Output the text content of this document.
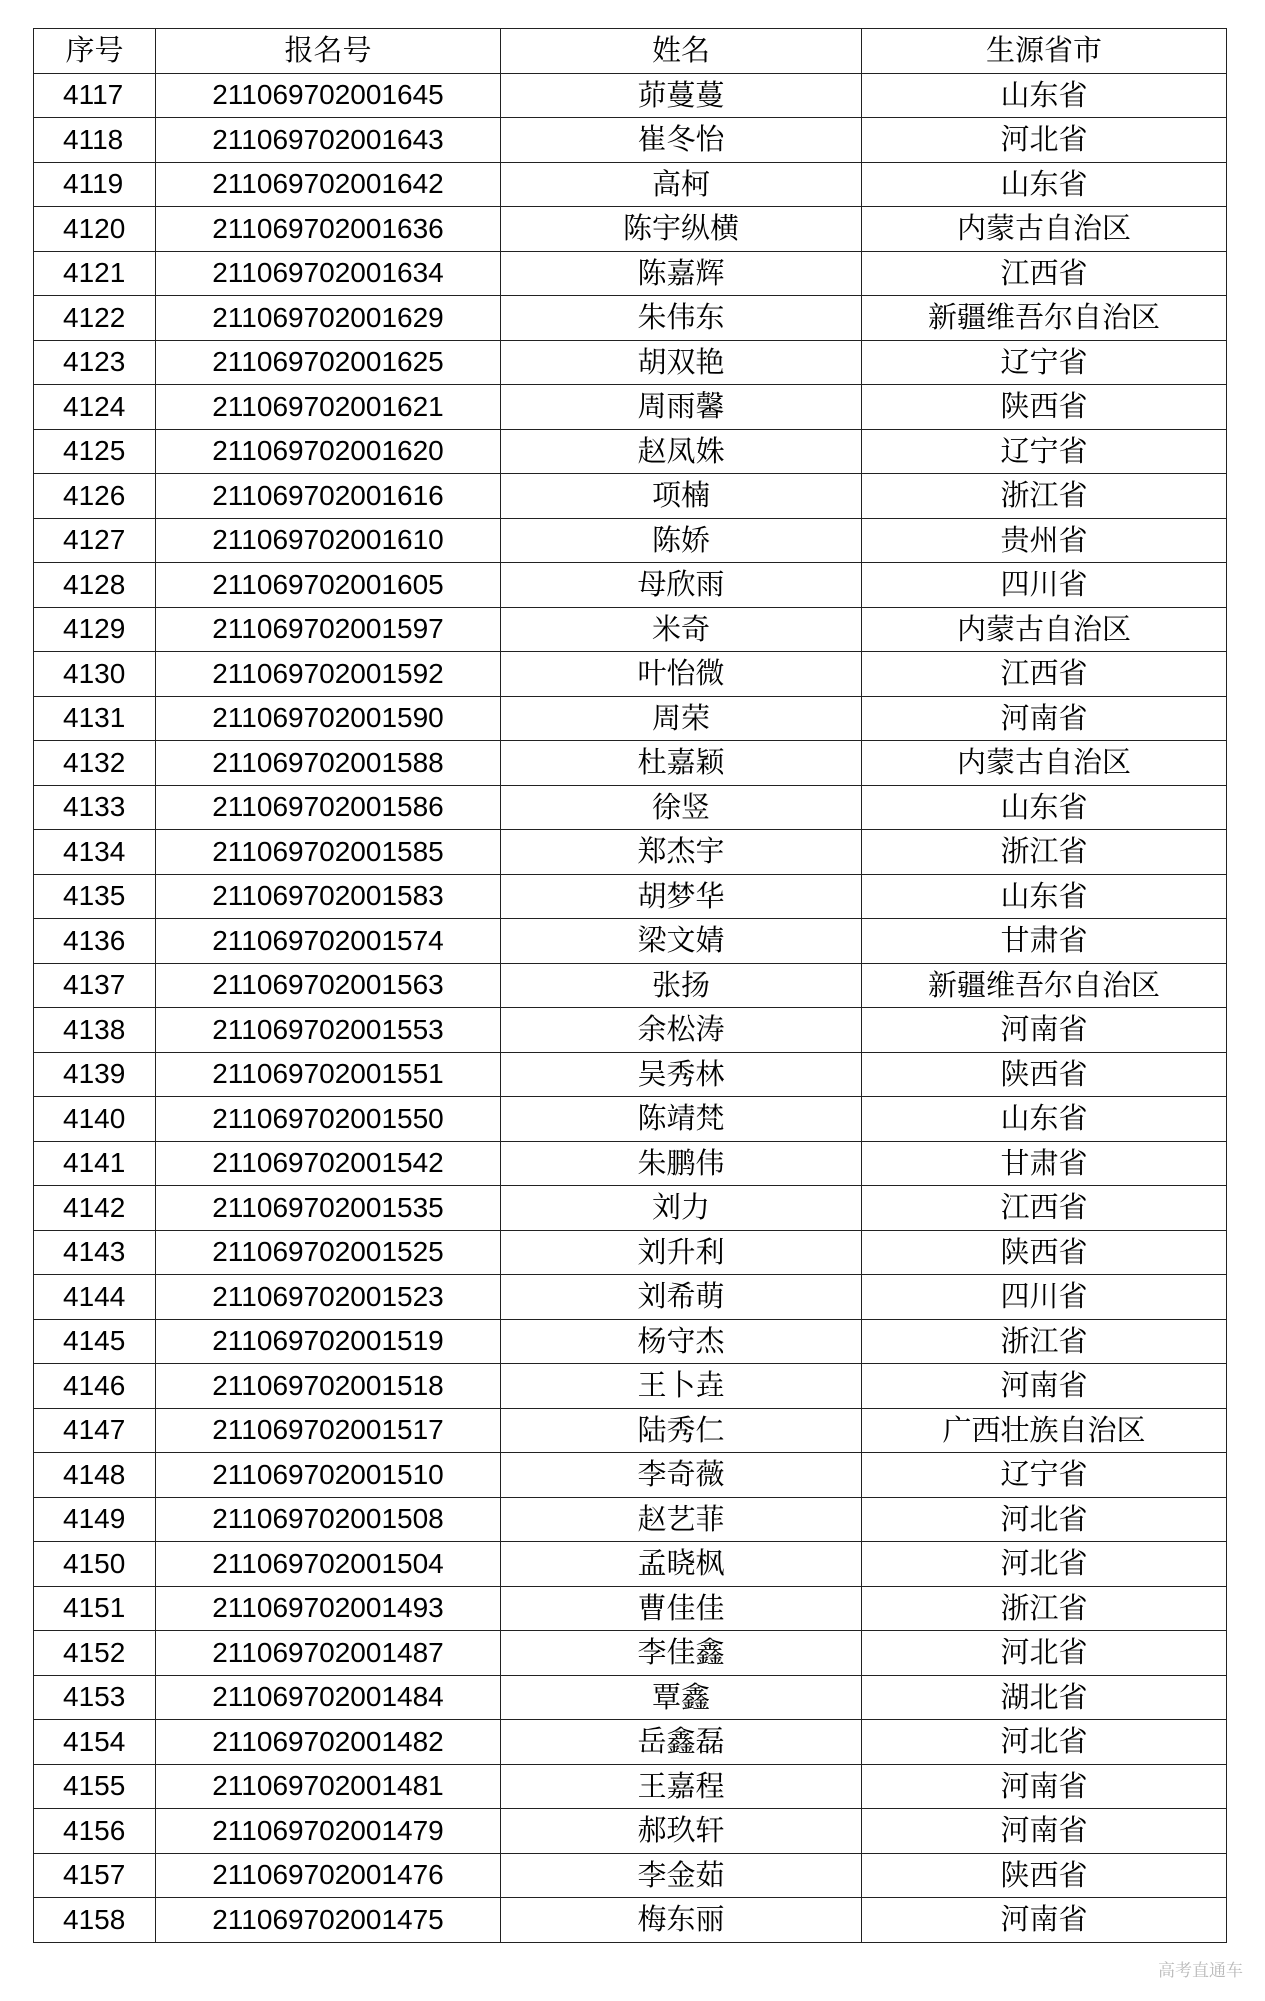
序号	报名号	姓名	生源省市
4117	211069702001645	茆蔓蔓	山东省
4118	211069702001643	崔冬怡	河北省
4119	211069702001642	高柯	山东省
4120	211069702001636	陈宇纵横	内蒙古自治区
4121	211069702001634	陈嘉辉	江西省
4122	211069702001629	朱伟东	新疆维吾尔自治区
4123	211069702001625	胡双艳	辽宁省
4124	211069702001621	周雨馨	陕西省
4125	211069702001620	赵凤姝	辽宁省
4126	211069702001616	项楠	浙江省
4127	211069702001610	陈娇	贵州省
4128	211069702001605	母欣雨	四川省
4129	211069702001597	米奇	内蒙古自治区
4130	211069702001592	叶怡微	江西省
4131	211069702001590	周荣	河南省
4132	211069702001588	杜嘉颖	内蒙古自治区
4133	211069702001586	徐竖	山东省
4134	211069702001585	郑杰宇	浙江省
4135	211069702001583	胡梦华	山东省
4136	211069702001574	梁文婧	甘肃省
4137	211069702001563	张扬	新疆维吾尔自治区
4138	211069702001553	余松涛	河南省
4139	211069702001551	吴秀林	陕西省
4140	211069702001550	陈靖梵	山东省
4141	211069702001542	朱鹏伟	甘肃省
4142	211069702001535	刘力	江西省
4143	211069702001525	刘升利	陕西省
4144	211069702001523	刘希萌	四川省
4145	211069702001519	杨守杰	浙江省
4146	211069702001518	王卜垚	河南省
4147	211069702001517	陆秀仁	广西壮族自治区
4148	211069702001510	李奇薇	辽宁省
4149	211069702001508	赵艺菲	河北省
4150	211069702001504	孟晓枫	河北省
4151	211069702001493	曹佳佳	浙江省
4152	211069702001487	李佳鑫	河北省
4153	211069702001484	覃鑫	湖北省
4154	211069702001482	岳鑫磊	河北省
4155	211069702001481	王嘉程	河南省
4156	211069702001479	郝玖轩	河南省
4157	211069702001476	李金茹	陕西省
4158	211069702001475	梅东丽	河南省
高考直通车
